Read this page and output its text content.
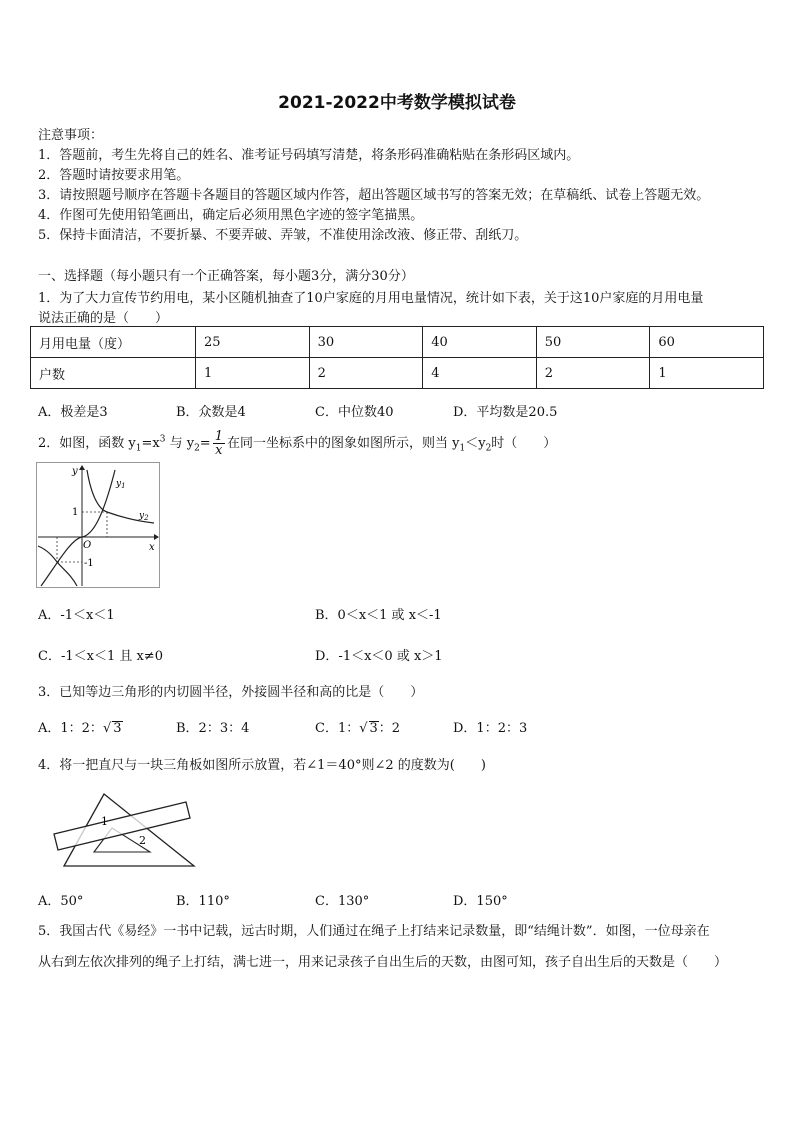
2021-2022中考数学模拟试卷
注意事项：
1．答题前，考生先将自己的姓名、准考证号码填写清楚，将条形码准确粘贴在条形码区域内。
2．答题时请按要求用笔。
3．请按照题号顺序在答题卡各题目的答题区域内作答，超出答题区域书写的答案无效；在草稿纸、试卷上答题无效。
4．作图可先使用铅笔画出，确定后必须用黑色字迹的签字笔描黑。
5．保持卡面清洁，不要折暴、不要弄破、弄皱，不准使用涂改液、修正带、刮纸刀。
一、选择题（每小题只有一个正确答案，每小题3分，满分30分）
1．为了大力宣传节约用电，某小区随机抽查了10户家庭的月用电量情况，统计如下表，关于这10户家庭的月用电量
说法正确的是（　　）
月用电量（度）	25	30	40	50	60
户数	1	2	4	2	1
A．极差是3	B．众数是4	C．中位数40	D．平均数是20.5
2．如图，函数 $y_1=x^3$ 与 $y_2= \frac{1}{x}$ 在同一坐标系中的图象如图所示，则当 $y_1<y_2$时（　　）
y
x
O
1
-1
$y_1$
$y_2$
A．-1＜x＜1	B．0＜x＜1 或 x＜-1
C．-1＜x＜1 且 x≠0	D．-1＜x＜0 或 x＞1
3．已知等边三角形的内切圆半径，外接圆半径和高的比是（　　）
A．1：2：√ 3	B．2：3：4	C．1：√ 3：2	D．1：2：3
4．将一把直尺与一块三角板如图所示放置，若∠1＝40°则∠2 的度数为(　　)
1
2
A．50°	B．110°	C．130°	D．150°
5．我国古代《易经》一书中记载，远古时期，人们通过在绳子上打结来记录数量，即“结绳计数”．如图，一位母亲在
从右到左依次排列的绳子上打结，满七进一，用来记录孩子自出生后的天数，由图可知，孩子自出生后的天数是（　　）
